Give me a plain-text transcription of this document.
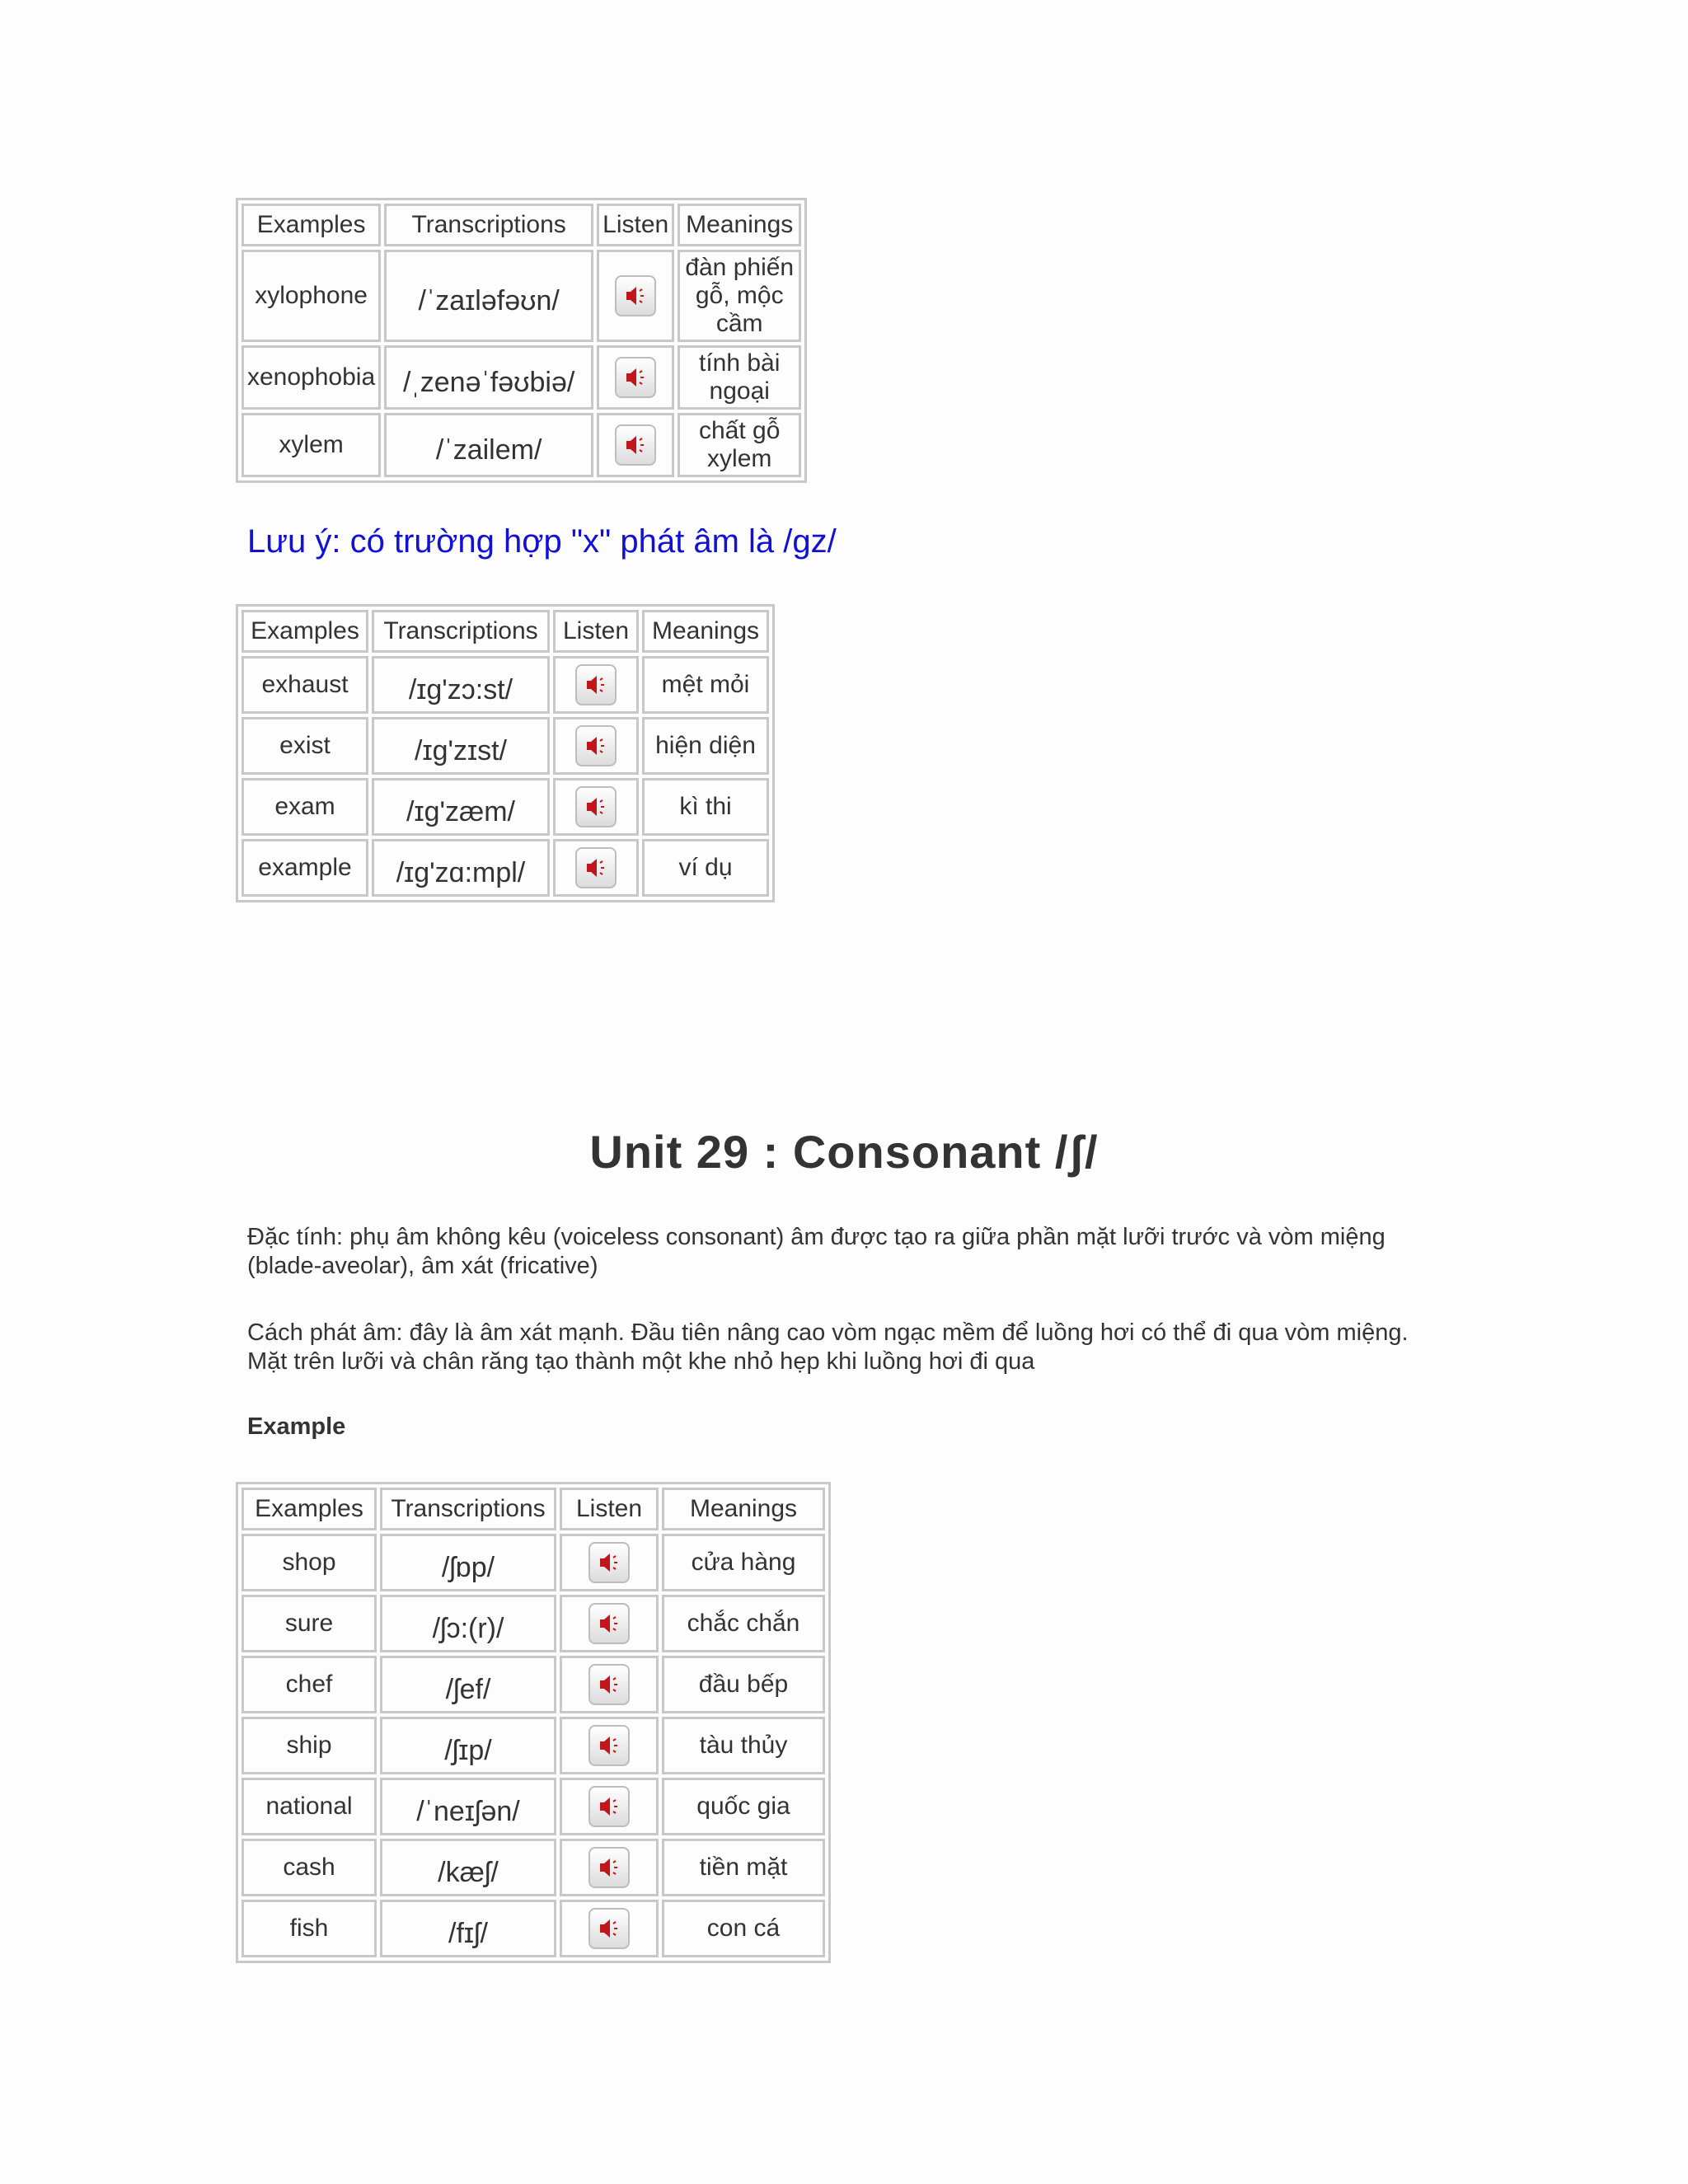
Examples	Transcriptions	Listen	Meanings
xylophone	/ˈzaɪləfəʊn/		đàn phiến gỗ, mộc cầm
xenophobia	/ˌzenəˈfəʊbiə/		tính bài ngoại
xylem	/ˈzailem/		chất gỗ xylem
Lưu ý: có trường hợp "x" phát âm là /gz/
Examples	Transcriptions	Listen	Meanings
exhaust	/ɪg'zɔ:st/		mệt mỏi
exist	/ɪg'zɪst/		hiện diện
exam	/ɪg'zæm/		kì thi
example	/ɪg'zɑ:mpl/		ví dụ
Unit 29 : Consonant /ʃ/
Đặc tính: phụ âm không kêu (voiceless consonant) âm được tạo ra giữa phần mặt lưỡi trước và vòm miệng (blade-aveolar), âm xát (fricative)
Cách phát âm: đây là âm xát mạnh. Đầu tiên nâng cao vòm ngạc mềm để luồng hơi có thể đi qua vòm miệng. Mặt trên lưỡi và chân răng tạo thành một khe nhỏ hẹp khi luồng hơi đi qua
Example
Examples	Transcriptions	Listen	Meanings
shop	/ʃɒp/		cửa hàng
sure	/ʃɔ:(r)/		chắc chắn
chef	/ʃef/		đầu bếp
ship	/ʃɪp/		tàu thủy
national	/ˈneɪʃən/		quốc gia
cash	/kæʃ/		tiền mặt
fish	/fɪʃ/		con cá
